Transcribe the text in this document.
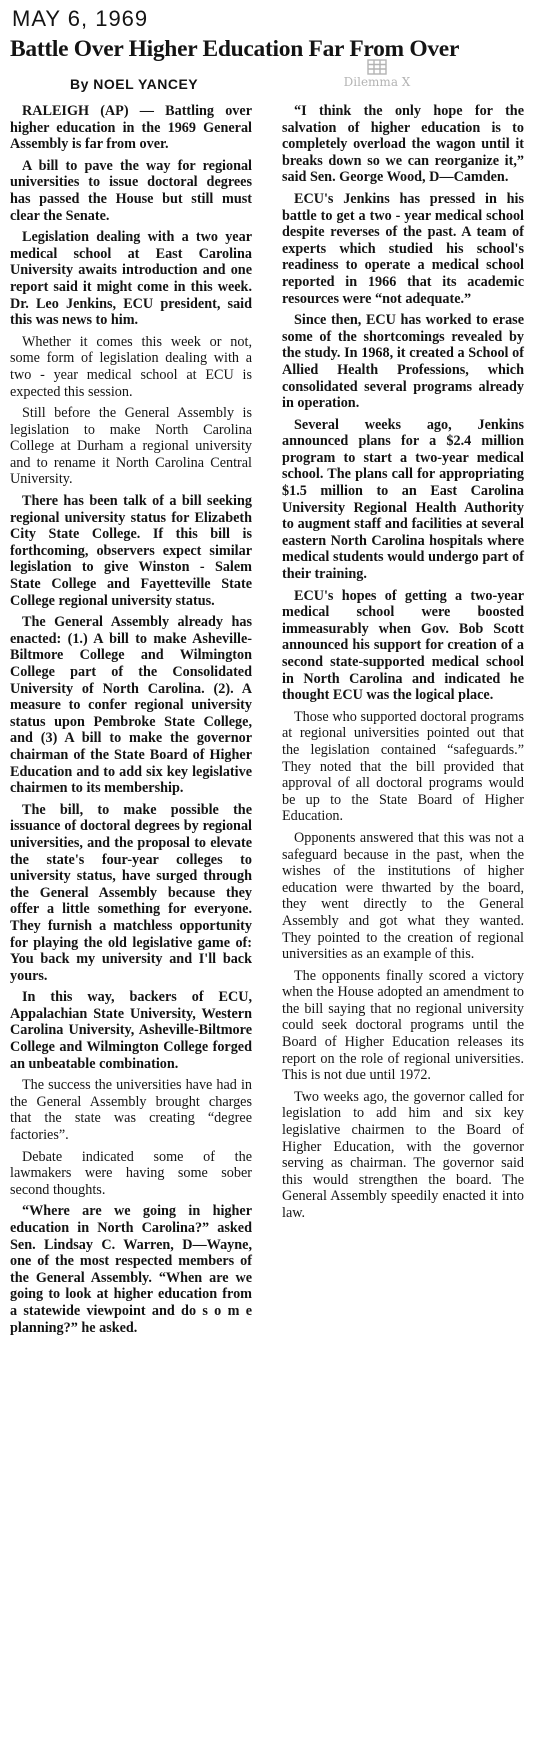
MAY 6, 1969
Battle Over Higher Education Far From Over
By NOEL YANCEY	Dilemma X

RALEIGH (AP) — Battling over higher education in the 1969 General Assembly is far from over.

A bill to pave the way for regional universities to issue doctoral degrees has passed the House but still must clear the Senate.

Legislation dealing with a two year medical school at East Carolina University awaits introduction and one report said it might come in this week. Dr. Leo Jenkins, ECU president, said this was news to him.

Whether it comes this week or not, some form of legislation dealing with a two - year medical school at ECU is expected this session.

Still before the General Assembly is legislation to make North Carolina College at Durham a regional university and to rename it North Carolina Central University.

There has been talk of a bill seeking regional university status for Elizabeth City State College. If this bill is forthcoming, observers expect similar legislation to give Winston - Salem State College and Fayetteville State College regional university status.

The General Assembly already has enacted: (1.) A bill to make Asheville-Biltmore College and Wilmington College part of the Consolidated University of North Carolina. (2). A measure to confer regional university status upon Pembroke State College, and (3) A bill to make the governor chairman of the State Board of Higher Education and to add six key legislative chairmen to its membership.

The bill, to make possible the issuance of doctoral degrees by regional universities, and the proposal to elevate the state's four-year colleges to university status, have surged through the General Assembly because they offer a little something for everyone. They furnish a matchless opportunity for playing the old legislative game of: You back my university and I'll back yours.

In this way, backers of ECU, Appalachian State University, Western Carolina University, Asheville-Biltmore College and Wilmington College forged an unbeatable combination.

The success the universities have had in the General Assembly brought charges that the state was creating “degree factories”.

Debate indicated some of the lawmakers were having some sober second thoughts.

“Where are we going in higher education in North Carolina?” asked Sen. Lindsay C. Warren, D—Wayne, one of the most respected members of the General Assembly. “When are we going to look at higher education from a statewide viewpoint and do s o m e planning?” he asked.

“I think the only hope for the salvation of higher education is to completely overload the wagon until it breaks down so we can reorganize it,” said Sen. George Wood, D—Camden.

ECU's Jenkins has pressed in his battle to get a two - year medical school despite reverses of the past. A team of experts which studied his school's readiness to operate a medical school reported in 1966 that its academic resources were “not adequate.”

Since then, ECU has worked to erase some of the shortcomings revealed by the study. In 1968, it created a School of Allied Health Professions, which consolidated several programs already in operation.

Several weeks ago, Jenkins announced plans for a $2.4 million program to start a two-year medical school. The plans call for appropriating $1.5 million to an East Carolina University Regional Health Authority to augment staff and facilities at several eastern North Carolina hospitals where medical students would undergo part of their training.

ECU's hopes of getting a two-year medical school were boosted immeasurably when Gov. Bob Scott announced his support for creation of a second state-supported medical school in North Carolina and indicated he thought ECU was the logical place.

Those who supported doctoral programs at regional universities pointed out that the legislation contained “safeguards.” They noted that the bill provided that approval of all doctoral programs would be up to the State Board of Higher Education.

Opponents answered that this was not a safeguard because in the past, when the wishes of the institutions of higher education were thwarted by the board, they went directly to the General Assembly and got what they wanted. They pointed to the creation of regional universities as an example of this.

The opponents finally scored a victory when the House adopted an amendment to the bill saying that no regional university could seek doctoral programs until the Board of Higher Education releases its report on the role of regional universities. This is not due until 1972.

Two weeks ago, the governor called for legislation to add him and six key legislative chairmen to the Board of Higher Education, with the governor serving as chairman. The governor said this would strengthen the board. The General Assembly speedily enacted it into law.
